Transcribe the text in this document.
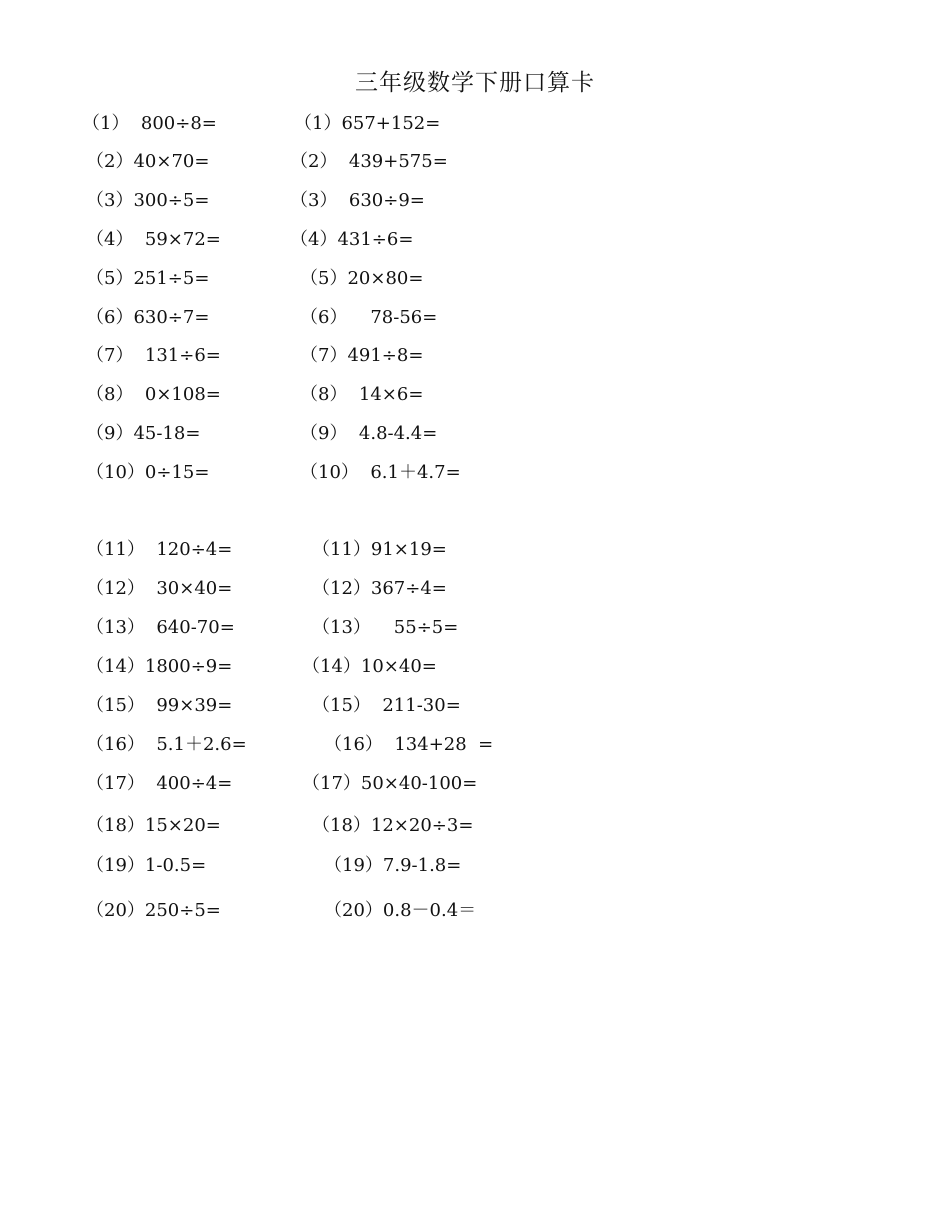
三年级数学下册口算卡
（1）  800÷8=
（2）40×70=
（3）300÷5=
（4）  59×72=
（5）251÷5=
（6）630÷7=
（7）  131÷6=
（8）  0×108=
（9）45-18=
（10）0÷15=
（11）  120÷4=
（12）  30×40=
（13）  640-70=
（14）1800÷9=
（15）  99×39=
（16）  5.1＋2.6=
（17）  400÷4=
（18）15×20=
（19）1-0.5=
（20）250÷5=
（1）657+152=
（2）  439+575=
（3）  630÷9=
（4）431÷6=
（5）20×80=
（6）    78-56=
（7）491÷8=
（8）  14×6=
（9）  4.8-4.4=
（10）  6.1＋4.7=
（11）91×19=
（12）367÷4=
（13）    55÷5=
（14）10×40=
（15）  211-30=
（16）  134+28  =
（17）50×40-100=
（18）12×20÷3=
（19）7.9-1.8=
（20）0.8－0.4＝
